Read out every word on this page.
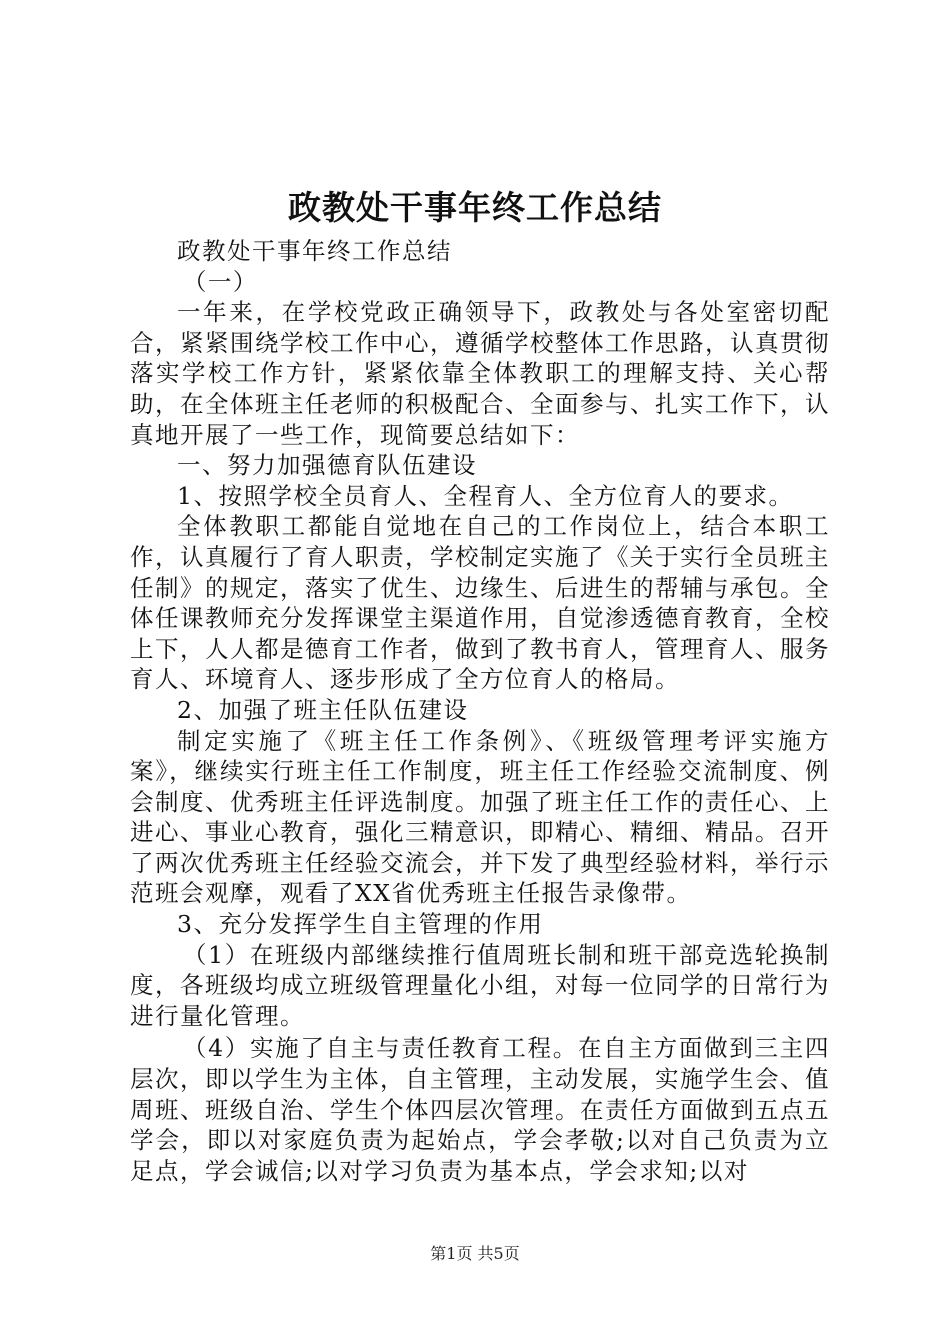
政教处干事年终工作总结

政教处干事年终工作总结

（一）

一年来，在学校党政正确领导下，政教处与各处室密切配合，紧紧围绕学校工作中心，遵循学校整体工作思路，认真贯彻落实学校工作方针，紧紧依靠全体教职工的理解支持、关心帮助，在全体班主任老师的积极配合、全面参与、扎实工作下，认真地开展了一些工作，现简要总结如下：

一、努力加强德育队伍建设

1、按照学校全员育人、全程育人、全方位育人的要求。

全体教职工都能自觉地在自己的工作岗位上，结合本职工作，认真履行了育人职责，学校制定实施了《关于实行全员班主任制》的规定，落实了优生、边缘生、后进生的帮辅与承包。全体任课教师充分发挥课堂主渠道作用，自觉渗透德育教育，全校上下，人人都是德育工作者，做到了教书育人，管理育人、服务育人、环境育人、逐步形成了全方位育人的格局。

2、加强了班主任队伍建设

制定实施了《班主任工作条例》、《班级管理考评实施方案》，继续实行班主任工作制度，班主任工作经验交流制度、例会制度、优秀班主任评选制度。加强了班主任工作的责任心、上进心、事业心教育，强化三精意识，即精心、精细、精品。召开了两次优秀班主任经验交流会，并下发了典型经验材料，举行示范班会观摩，观看了XX省优秀班主任报告录像带。

3、充分发挥学生自主管理的作用

（1）在班级内部继续推行值周班长制和班干部竞选轮换制度，各班级均成立班级管理量化小组，对每一位同学的日常行为进行量化管理。

（4）实施了自主与责任教育工程。在自主方面做到三主四层次，即以学生为主体，自主管理，主动发展，实施学生会、值周班、班级自治、学生个体四层次管理。在责任方面做到五点五学会，即以对家庭负责为起始点，学会孝敬;以对自己负责为立足点，学会诚信;以对学习负责为基本点，学会求知;以对

第1页 共5页
